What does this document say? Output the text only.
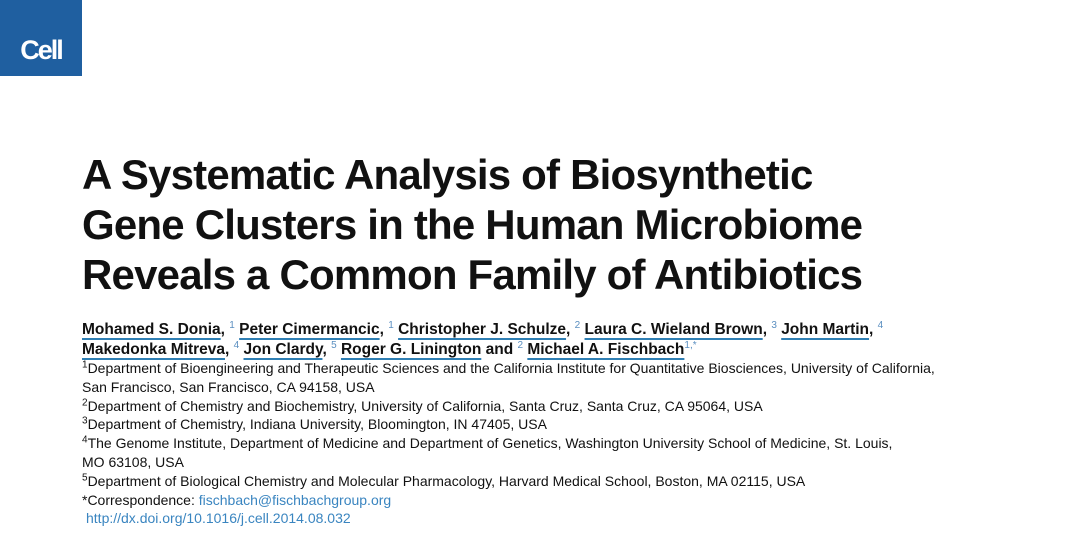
Cell
A Systematic Analysis of Biosynthetic
Gene Clusters in the Human Microbiome
Reveals a Common Family of Antibiotics
Mohamed S. Donia, $^1$ Peter Cimermancic, $^1$ Christopher J. Schulze, $^2$ Laura C. Wieland Brown, $^3$ John Martin, $^4$
Makedonka Mitreva, $^4$ Jon Clardy, $^5$ Roger G. Linington and $^2$ Michael A. Fischbach$^{1,*}$
$^1$Department of Bioengineering and Therapeutic Sciences and the California Institute for Quantitative Biosciences, University of California,
San Francisco, San Francisco, CA 94158, USA
$^2$Department of Chemistry and Biochemistry, University of California, Santa Cruz, Santa Cruz, CA 95064, USA
$^3$Department of Chemistry, Indiana University, Bloomington, IN 47405, USA
$^4$The Genome Institute, Department of Medicine and Department of Genetics, Washington University School of Medicine, St. Louis,
MO 63108, USA
$^5$Department of Biological Chemistry and Molecular Pharmacology, Harvard Medical School, Boston, MA 02115, USA
*Correspondence: fischbach@fischbachgroup.org
http://dx.doi.org/10.1016/j.cell.2014.08.032
